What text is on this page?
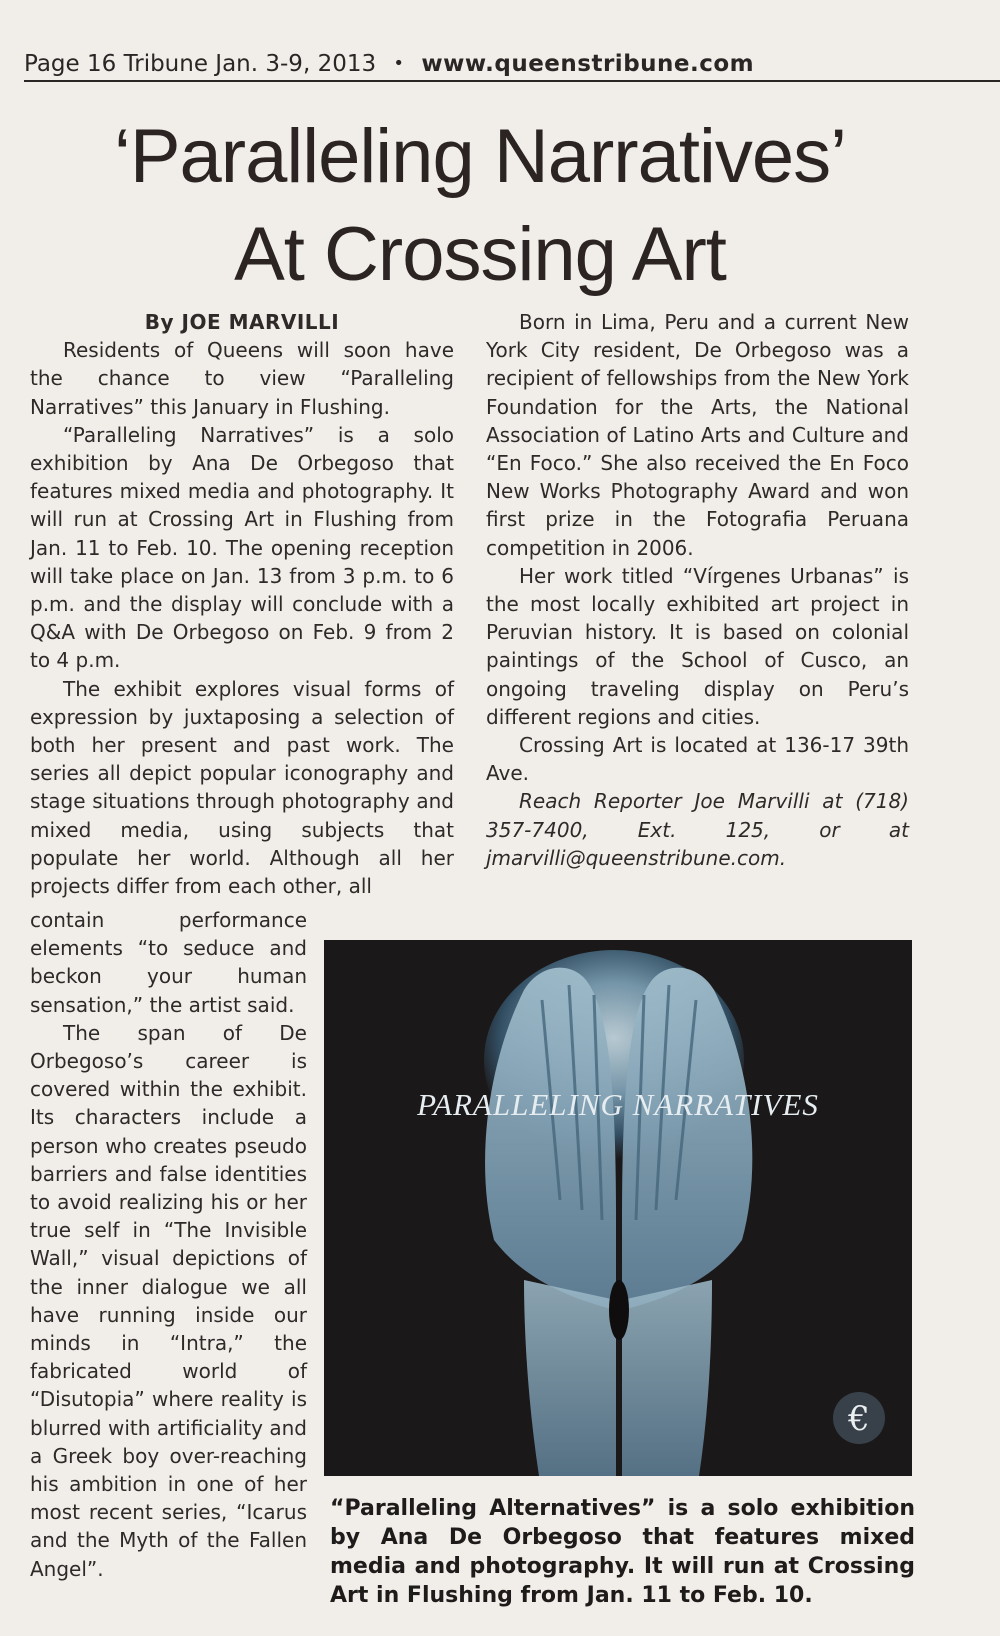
Page 16 Tribune Jan. 3-9, 2013 • www.queenstribune.com
‘Paralleling Narratives’
At Crossing Art

By JOE MARVILLI

Residents of Queens will soon have the chance to view “Paralleling Narratives” this January in Flushing.

“Paralleling Narratives” is a solo exhibition by Ana De Orbegoso that features mixed media and photography. It will run at Crossing Art in Flushing from Jan. 11 to Feb. 10. The opening reception will take place on Jan. 13 from 3 p.m. to 6 p.m. and the display will conclude with a Q&A with De Orbegoso on Feb. 9 from 2 to 4 p.m.

The exhibit explores visual forms of expression by juxtaposing a selection of both her present and past work. The series all depict popular iconography and stage situations through photography and mixed media, using subjects that populate her world. Although all her projects differ from each other, all

Born in Lima, Peru and a current New York City resident, De Orbegoso was a recipient of fellowships from the New York Foundation for the Arts, the National Association of Latino Arts and Culture and “En Foco.” She also received the En Foco New Works Photography Award and won first prize in the Fotografia Peruana competition in 2006.

Her work titled “Vírgenes Urbanas” is the most locally exhibited art project in Peruvian history. It is based on colonial paintings of the School of Cusco, an ongoing traveling display on Peru’s different regions and cities.

Crossing Art is located at 136-17 39th Ave.

Reach Reporter Joe Marvilli at (718) 357-7400, Ext. 125, or at jmarvilli@queenstribune.com.

contain performance elements “to seduce and beckon your human sensation,” the artist said.

The span of De Orbegoso’s career is covered within the exhibit. Its characters include a person who creates pseudo barriers and false identities to avoid realizing his or her true self in “The Invisible Wall,” visual depictions of the inner dialogue we all have running inside our minds in “Intra,” the fabricated world of “Disutopia” where reality is blurred with artificiality and a Greek boy over-reaching his ambition in one of her most recent series, “Icarus and the Myth of the Fallen Angel”.

PARALLELING NARRATIVES
€
“Paralleling Alternatives” is a solo exhibition by Ana De Orbegoso that features mixed media and photography. It will run at Crossing Art in Flushing from Jan. 11 to Feb. 10.
